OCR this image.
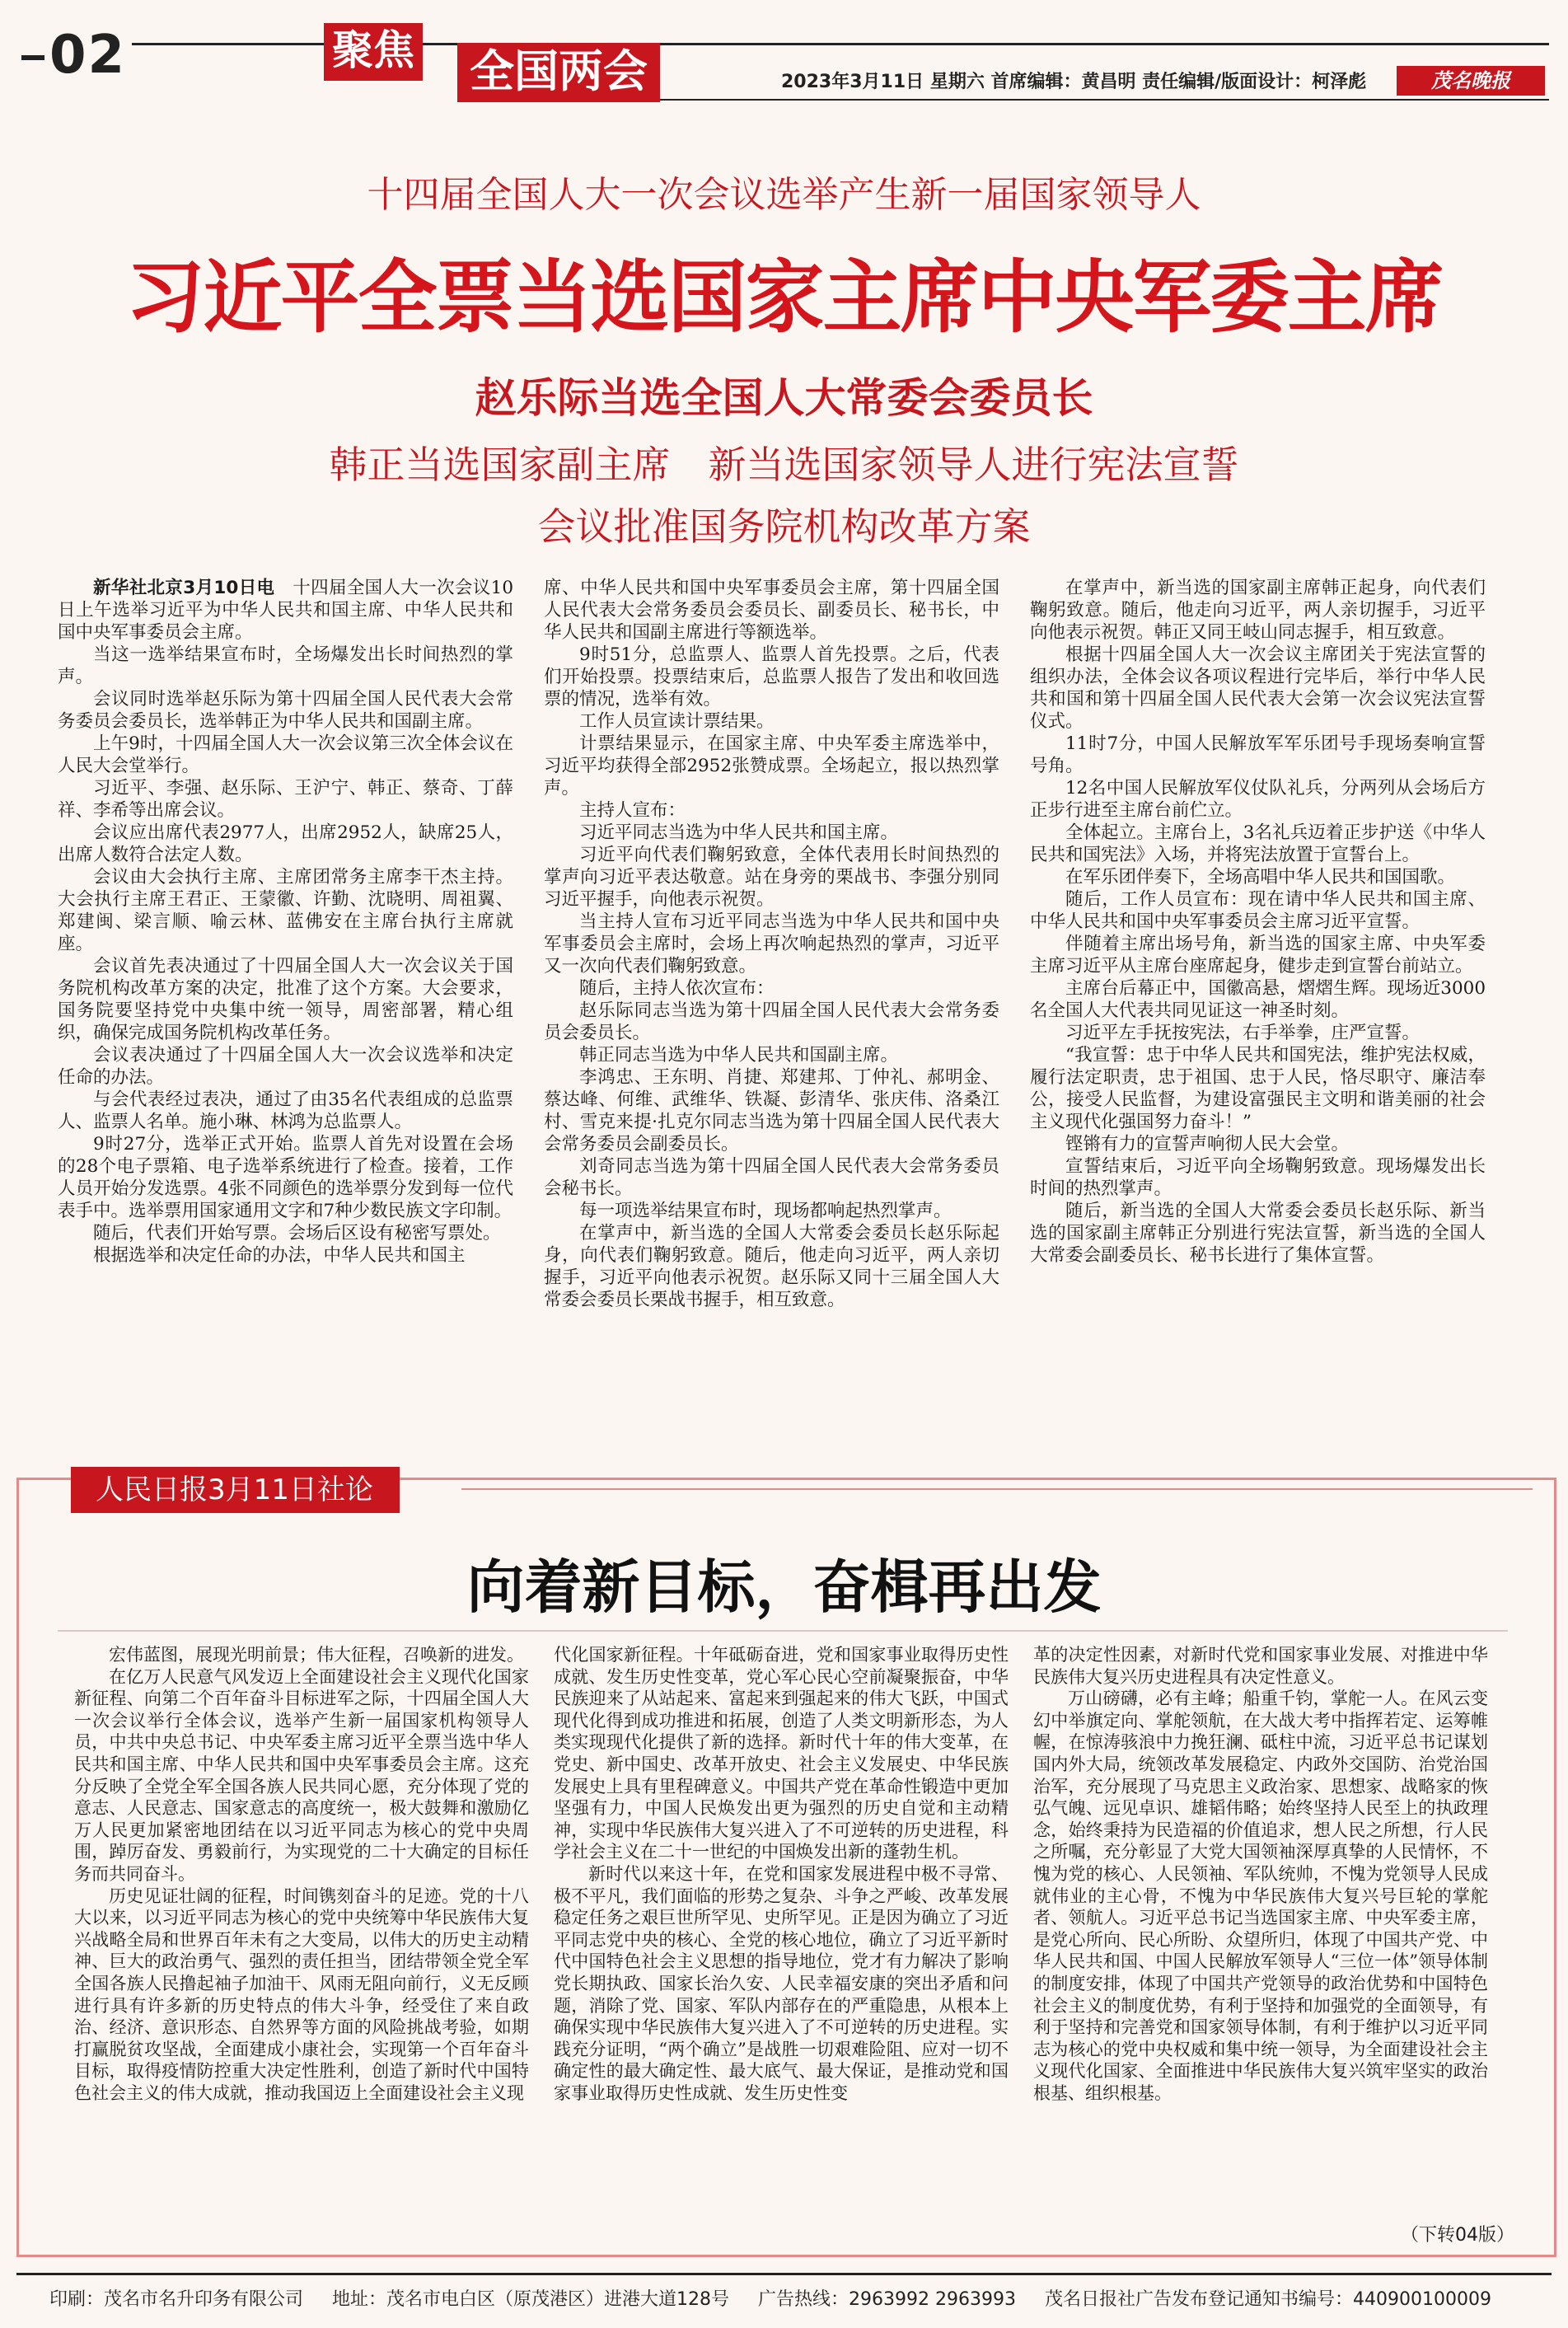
02	聚焦 全国两会	2023年3月11日 星期六 首席编辑：黄昌明 责任编辑/版面设计：柯泽彪	茂名晚报
十四届全国人大一次会议选举产生新一届国家领导人
习近平全票当选国家主席中央军委主席
赵乐际当选全国人大常委会委员长
韩正当选国家副主席　新当选国家领导人进行宪法宣誓
会议批准国务院机构改革方案

新华社北京3月10日电　 十四届全国人大一次会议10日上午选举习近平为中华人民共和国主席、中华人民共和国中央军事委员会主席。

当这一选举结果宣布时，全场爆发出长时间热烈的掌声。

会议同时选举赵乐际为第十四届全国人民代表大会常务委员会委员长，选举韩正为中华人民共和国副主席。

上午9时，十四届全国人大一次会议第三次全体会议在人民大会堂举行。

习近平、李强、赵乐际、王沪宁、韩正、蔡奇、丁薛祥、李希等出席会议。

会议应出席代表2977人，出席2952人，缺席25人，出席人数符合法定人数。

会议由大会执行主席、主席团常务主席李干杰主持。大会执行主席王君正、王蒙徽、许勤、沈晓明、周祖翼、郑建闽、梁言顺、喻云林、蓝佛安在主席台执行主席就座。

会议首先表决通过了十四届全国人大一次会议关于国务院机构改革方案的决定，批准了这个方案。大会要求，国务院要坚持党中央集中统一领导，周密部署，精心组织，确保完成国务院机构改革任务。

会议表决通过了十四届全国人大一次会议选举和决定任命的办法。

与会代表经过表决，通过了由35名代表组成的总监票人、监票人名单。施小琳、林鸿为总监票人。

9时27分，选举正式开始。监票人首先对设置在会场的28个电子票箱、电子选举系统进行了检查。接着，工作人员开始分发选票。4张不同颜色的选举票分发到每一位代表手中。选举票用国家通用文字和7种少数民族文字印制。

随后，代表们开始写票。会场后区设有秘密写票处。

根据选举和决定任命的办法，中华人民共和国主

席、中华人民共和国中央军事委员会主席，第十四届全国人民代表大会常务委员会委员长、副委员长、秘书长，中华人民共和国副主席进行等额选举。

9时51分，总监票人、监票人首先投票。之后，代表们开始投票。投票结束后，总监票人报告了发出和收回选票的情况，选举有效。

工作人员宣读计票结果。

计票结果显示，在国家主席、中央军委主席选举中，习近平均获得全部2952张赞成票。全场起立，报以热烈掌声。

主持人宣布：

习近平同志当选为中华人民共和国主席。

习近平向代表们鞠躬致意，全体代表用长时间热烈的掌声向习近平表达敬意。站在身旁的栗战书、李强分别同习近平握手，向他表示祝贺。

当主持人宣布习近平同志当选为中华人民共和国中央军事委员会主席时，会场上再次响起热烈的掌声，习近平又一次向代表们鞠躬致意。

随后，主持人依次宣布：

赵乐际同志当选为第十四届全国人民代表大会常务委员会委员长。

韩正同志当选为中华人民共和国副主席。

李鸿忠、王东明、肖捷、郑建邦、丁仲礼、郝明金、蔡达峰、何维、武维华、铁凝、彭清华、张庆伟、洛桑江村、雪克来提·扎克尔同志当选为第十四届全国人民代表大会常务委员会副委员长。

刘奇同志当选为第十四届全国人民代表大会常务委员会秘书长。

每一项选举结果宣布时，现场都响起热烈掌声。

在掌声中，新当选的全国人大常委会委员长赵乐际起身，向代表们鞠躬致意。随后，他走向习近平，两人亲切握手，习近平向他表示祝贺。赵乐际又同十三届全国人大常委会委员长栗战书握手，相互致意。

在掌声中，新当选的国家副主席韩正起身，向代表们鞠躬致意。随后，他走向习近平，两人亲切握手，习近平向他表示祝贺。韩正又同王岐山同志握手，相互致意。

根据十四届全国人大一次会议主席团关于宪法宣誓的组织办法，全体会议各项议程进行完毕后，举行中华人民共和国和第十四届全国人民代表大会第一次会议宪法宣誓仪式。

11时7分，中国人民解放军军乐团号手现场奏响宣誓号角。

12名中国人民解放军仪仗队礼兵，分两列从会场后方正步行进至主席台前伫立。

全体起立。主席台上，3名礼兵迈着正步护送《中华人民共和国宪法》入场，并将宪法放置于宣誓台上。

在军乐团伴奏下，全场高唱中华人民共和国国歌。

随后，工作人员宣布：现在请中华人民共和国主席、中华人民共和国中央军事委员会主席习近平宣誓。

伴随着主席出场号角，新当选的国家主席、中央军委主席习近平从主席台座席起身，健步走到宣誓台前站立。

主席台后幕正中，国徽高悬，熠熠生辉。现场近3000名全国人大代表共同见证这一神圣时刻。

习近平左手抚按宪法，右手举拳，庄严宣誓。

“我宣誓：忠于中华人民共和国宪法，维护宪法权威，履行法定职责，忠于祖国、忠于人民，恪尽职守、廉洁奉公，接受人民监督，为建设富强民主文明和谐美丽的社会主义现代化强国努力奋斗！”

铿锵有力的宣誓声响彻人民大会堂。

宣誓结束后，习近平向全场鞠躬致意。现场爆发出长时间的热烈掌声。

随后，新当选的全国人大常委会委员长赵乐际、新当选的国家副主席韩正分别进行宪法宣誓，新当选的全国人大常委会副委员长、秘书长进行了集体宣誓。

人民日报3月11日社论
向着新目标，奋楫再出发

宏伟蓝图，展现光明前景；伟大征程，召唤新的进发。

在亿万人民意气风发迈上全面建设社会主义现代化国家新征程、向第二个百年奋斗目标进军之际，十四届全国人大一次会议举行全体会议，选举产生新一届国家机构领导人员，中共中央总书记、中央军委主席习近平全票当选中华人民共和国主席、中华人民共和国中央军事委员会主席。这充分反映了全党全军全国各族人民共同心愿，充分体现了党的意志、人民意志、国家意志的高度统一，极大鼓舞和激励亿万人民更加紧密地团结在以习近平同志为核心的党中央周围，踔厉奋发、勇毅前行，为实现党的二十大确定的目标任务而共同奋斗。

历史见证壮阔的征程，时间镌刻奋斗的足迹。党的十八大以来，以习近平同志为核心的党中央统筹中华民族伟大复兴战略全局和世界百年未有之大变局，以伟大的历史主动精神、巨大的政治勇气、强烈的责任担当，团结带领全党全军全国各族人民撸起袖子加油干、风雨无阻向前行，义无反顾进行具有许多新的历史特点的伟大斗争，经受住了来自政治、经济、意识形态、自然界等方面的风险挑战考验，如期打赢脱贫攻坚战，全面建成小康社会，实现第一个百年奋斗目标，取得疫情防控重大决定性胜利，创造了新时代中国特色社会主义的伟大成就，推动我国迈上全面建设社会主义现

代化国家新征程。十年砥砺奋进，党和国家事业取得历史性成就、发生历史性变革，党心军心民心空前凝聚振奋，中华民族迎来了从站起来、富起来到强起来的伟大飞跃，中国式现代化得到成功推进和拓展，创造了人类文明新形态，为人类实现现代化提供了新的选择。新时代十年的伟大变革，在党史、新中国史、改革开放史、社会主义发展史、中华民族发展史上具有里程碑意义。中国共产党在革命性锻造中更加坚强有力，中国人民焕发出更为强烈的历史自觉和主动精神，实现中华民族伟大复兴进入了不可逆转的历史进程，科学社会主义在二十一世纪的中国焕发出新的蓬勃生机。

新时代以来这十年，在党和国家发展进程中极不寻常、极不平凡，我们面临的形势之复杂、斗争之严峻、改革发展稳定任务之艰巨世所罕见、史所罕见。正是因为确立了习近平同志党中央的核心、全党的核心地位，确立了习近平新时代中国特色社会主义思想的指导地位，党才有力解决了影响党长期执政、国家长治久安、人民幸福安康的突出矛盾和问题，消除了党、国家、军队内部存在的严重隐患，从根本上确保实现中华民族伟大复兴进入了不可逆转的历史进程。实践充分证明，“两个确立”是战胜一切艰难险阻、应对一切不确定性的最大确定性、最大底气、最大保证，是推动党和国家事业取得历史性成就、发生历史性变

革的决定性因素，对新时代党和国家事业发展、对推进中华民族伟大复兴历史进程具有决定性意义。

万山磅礴，必有主峰；船重千钧，掌舵一人。在风云变幻中举旗定向、掌舵领航，在大战大考中指挥若定、运筹帷幄，在惊涛骇浪中力挽狂澜、砥柱中流，习近平总书记谋划国内外大局，统领改革发展稳定、内政外交国防、治党治国治军，充分展现了马克思主义政治家、思想家、战略家的恢弘气魄、远见卓识、雄韬伟略；始终坚持人民至上的执政理念，始终秉持为民造福的价值追求，想人民之所想，行人民之所嘱，充分彰显了大党大国领袖深厚真挚的人民情怀，不愧为党的核心、人民领袖、军队统帅，不愧为党领导人民成就伟业的主心骨，不愧为中华民族伟大复兴号巨轮的掌舵者、领航人。习近平总书记当选国家主席、中央军委主席，是党心所向、民心所盼、众望所归，体现了中国共产党、中华人民共和国、中国人民解放军领导人“三位一体”领导体制的制度安排，体现了中国共产党领导的政治优势和中国特色社会主义的制度优势，有利于坚持和加强党的全面领导，有利于坚持和完善党和国家领导体制，有利于维护以习近平同志为核心的党中央权威和集中统一领导，为全面建设社会主义现代化国家、全面推进中华民族伟大复兴筑牢坚实的政治根基、组织根基。

（下转04版）
印刷：茂名市名升印务有限公司 地址：茂名市电白区（原茂港区）进港大道128号 广告热线：2963992 2963993 茂名日报社广告发布登记通知书编号：440900100009
